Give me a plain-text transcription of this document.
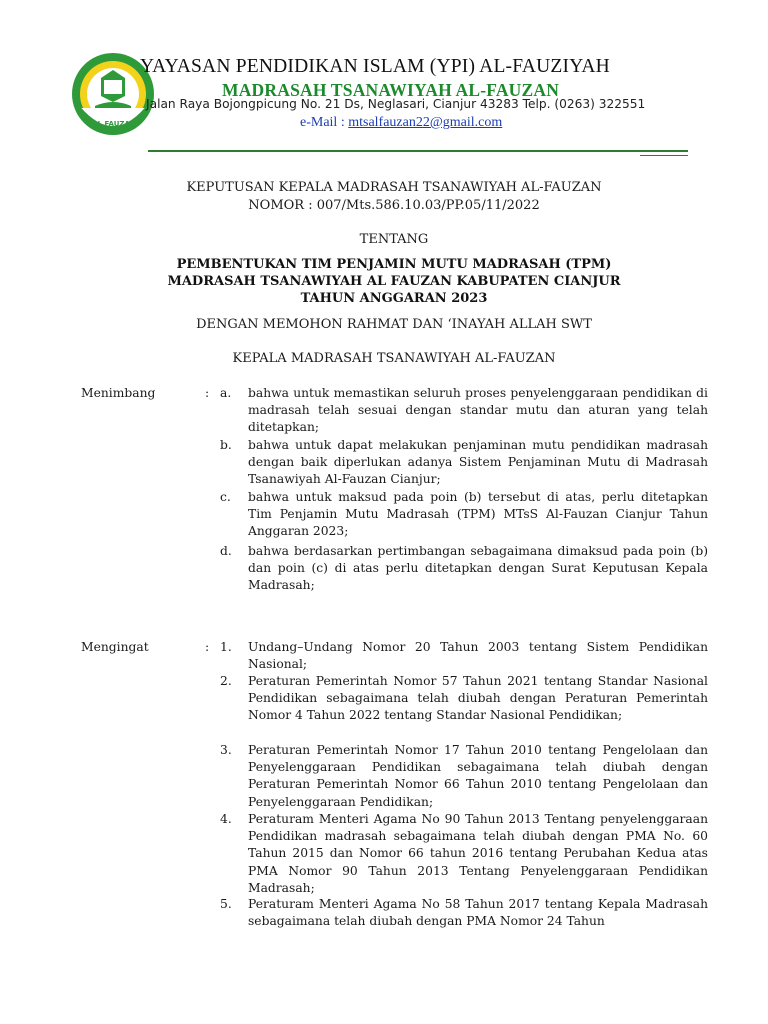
AL FAUZAN
YAYASAN PENDIDIKAN ISLAM (YPI) AL-FAUZIYAH
MADRASAH TSANAWIYAH AL-FAUZAN
Jalan Raya Bojongpicung No. 21 Ds, Neglasari, Cianjur 43283 Telp. (0263) 322551
e-Mail : mtsalfauzan22@gmail.com
KEPUTUSAN KEPALA MADRASAH TSANAWIYAH AL-FAUZAN
NOMOR : 007/Mts.586.10.03/PP.05/11/2022
TENTANG
PEMBENTUKAN TIM PENJAMIN MUTU MADRASAH (TPM)
MADRASAH TSANAWIYAH AL FAUZAN KABUPATEN CIANJUR
TAHUN ANGGARAN 2023
DENGAN MEMOHON RAHMAT DAN ‘INAYAH ALLAH SWT
KEPALA MADRASAH TSANAWIYAH AL-FAUZAN
Menimbang	: a. bahwa untuk memastikan seluruh proses penyelenggaraan pendidikan di madrasah telah sesuai dengan standar mutu dan aturan yang telah ditetapkan;
b. bahwa untuk dapat melakukan penjaminan mutu pendidikan madrasah dengan baik diperlukan adanya Sistem Penjaminan Mutu di Madrasah Tsanawiyah Al-Fauzan Cianjur;
c. bahwa untuk maksud pada poin (b) tersebut di atas, perlu ditetapkan Tim Penjamin Mutu Madrasah (TPM) MTsS Al-Fauzan Cianjur Tahun Anggaran 2023;
d. bahwa berdasarkan pertimbangan sebagaimana dimaksud pada poin (b) dan poin (c) di atas perlu ditetapkan dengan Surat Keputusan Kepala Madrasah;
Mengingat	: 1. Undang–Undang Nomor 20 Tahun 2003 tentang Sistem Pendidikan Nasional;
2. Peraturan Pemerintah Nomor 57 Tahun 2021 tentang Standar Nasional Pendidikan sebagaimana telah diubah dengan Peraturan Pemerintah Nomor 4 Tahun 2022 tentang Standar Nasional Pendidikan;
3. Peraturan Pemerintah Nomor 17 Tahun 2010 tentang Pengelolaan dan Penyelenggaraan Pendidikan sebagaimana telah diubah dengan Peraturan Pemerintah Nomor 66 Tahun 2010 tentang Pengelolaan dan Penyelenggaraan Pendidikan;
4. Peraturam Menteri Agama No 90 Tahun 2013 Tentang penyelenggaraan Pendidikan madrasah sebagaimana telah diubah dengan PMA No. 60 Tahun 2015 dan Nomor 66 tahun 2016 tentang Perubahan Kedua atas PMA Nomor 90 Tahun 2013 Tentang Penyelenggaraan Pendidikan Madrasah;
5. Peraturam Menteri Agama No 58 Tahun 2017 tentang Kepala Madrasah sebagaimana telah diubah dengan PMA Nomor 24 Tahun
